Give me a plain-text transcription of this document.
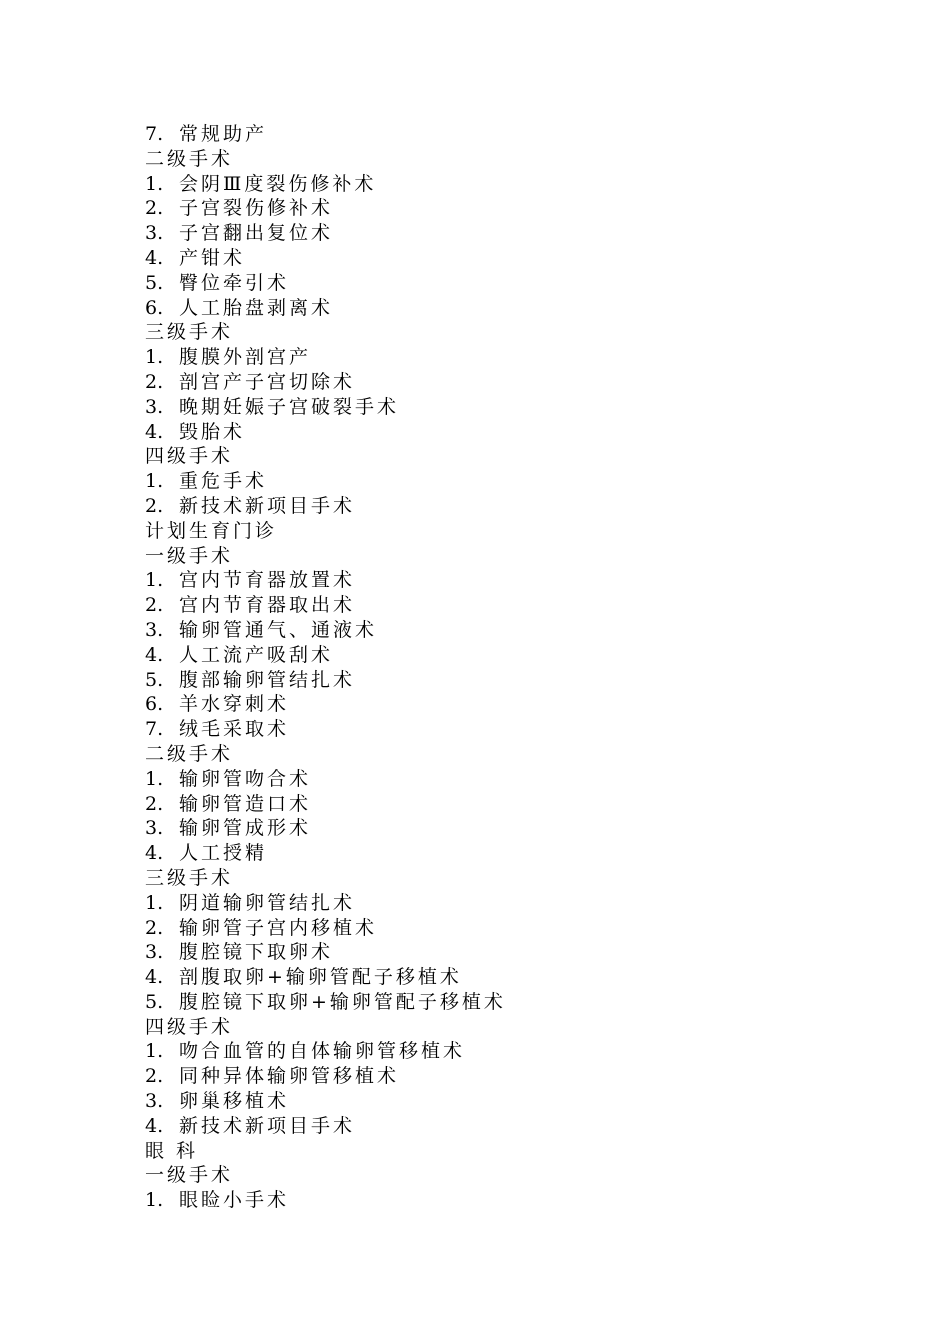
7. 常规助产
二级手术
1. 会阴Ⅲ度裂伤修补术
2. 子宫裂伤修补术
3. 子宫翻出复位术
4. 产钳术
5. 臀位牵引术
6. 人工胎盘剥离术
三级手术
1. 腹膜外剖宫产
2. 剖宫产子宫切除术
3. 晚期妊娠子宫破裂手术
4. 毁胎术
四级手术
1. 重危手术
2. 新技术新项目手术
计划生育门诊
一级手术
1. 宫内节育器放置术
2. 宫内节育器取出术
3. 输卵管通气、通液术
4. 人工流产吸刮术
5. 腹部输卵管结扎术
6. 羊水穿刺术
7. 绒毛采取术
二级手术
1. 输卵管吻合术
2. 输卵管造口术
3. 输卵管成形术
4. 人工授精
三级手术
1. 阴道输卵管结扎术
2. 输卵管子宫内移植术
3. 腹腔镜下取卵术
4. 剖腹取卵+输卵管配子移植术
5. 腹腔镜下取卵+输卵管配子移植术
四级手术
1. 吻合血管的自体输卵管移植术
2. 同种异体输卵管移植术
3. 卵巢移植术
4. 新技术新项目手术
眼 科
一级手术
1. 眼睑小手术
